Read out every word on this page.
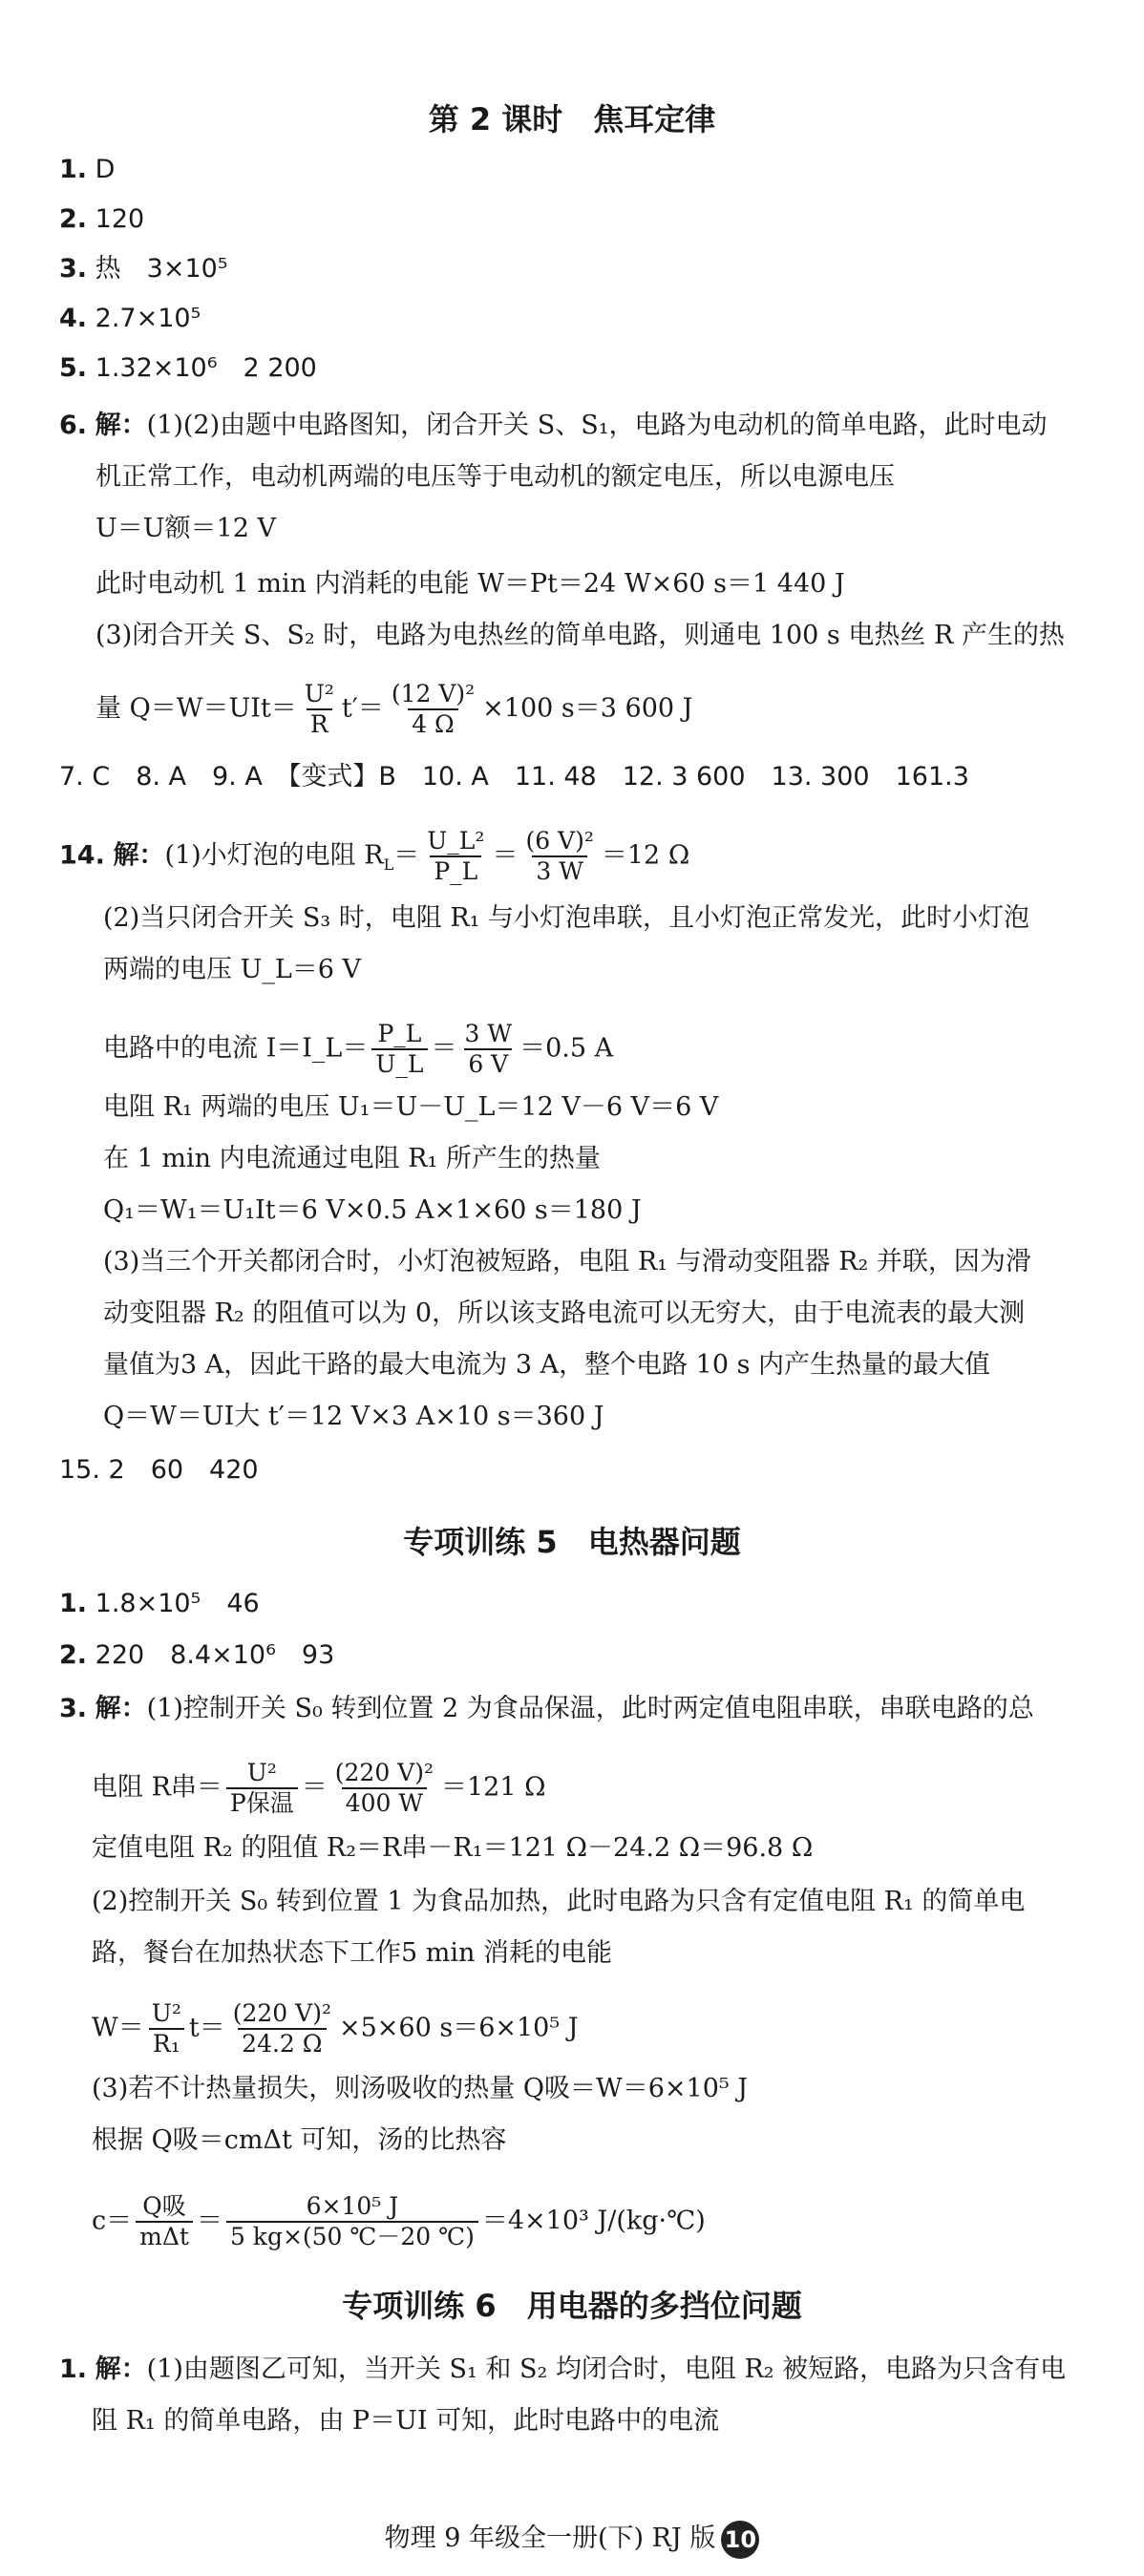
第 2 课时　焦耳定律
1. D
2. 120
3. 热　3×10⁵
4. 2.7×10⁵
5. 1.32×10⁶　2 200
6. 解：(1)(2)由题中电路图知，闭合开关 S、S₁，电路为电动机的简单电路，此时电动
机正常工作，电动机两端的电压等于电动机的额定电压，所以电源电压
U＝U额＝12 V
此时电动机 1 min 内消耗的电能 W＝Pt＝24 W×60 s＝1 440 J
(3)闭合开关 S、S₂ 时，电路为电热丝的简单电路，则通电 100 s 电热丝 R 产生的热
量 $Q=W=UIt= \frac{\text{U²}}{R} t'= \frac{\text{(12 V)²}}{4 \Omega} \times 100$ s＝3 600 J
7. C　8. A　9. A　【变式】B　10. A　11. 48　12. 3 600　13. 300　161.3
14. 解：(1)小灯泡的电阻 $R_L= \frac{\text{U\_L²}}{P\_L} = \frac{\text{(6 V)²}}{3 W} =12$ Ω
(2)当只闭合开关 S₃ 时，电阻 R₁ 与小灯泡串联，且小灯泡正常发光，此时小灯泡
两端的电压 U_L＝6 V
电路中的电流 I＝I_L＝ $\frac{P\_L}{U\_L} = \frac{3 W}{6 V} =0.5$ A
电阻 R₁ 两端的电压 U₁＝U－U_L＝12 V－6 V＝6 V
在 1 min 内电流通过电阻 R₁ 所产生的热量
Q₁＝W₁＝U₁It＝6 V×0.5 A×1×60 s＝180 J
(3)当三个开关都闭合时，小灯泡被短路，电阻 R₁ 与滑动变阻器 R₂ 并联，因为滑
动变阻器 R₂ 的阻值可以为 0，所以该支路电流可以无穷大，由于电流表的最大测
量值为3 A，因此干路的最大电流为 3 A，整个电路 10 s 内产生热量的最大值
Q＝W＝UI大 t′＝12 V×3 A×10 s＝360 J
15. 2　60　420
专项训练 5　电热器问题
1. 1.8×10⁵　46
2. 220　8.4×10⁶　93
3. 解：(1)控制开关 S₀ 转到位置 2 为食品保温，此时两定值电阻串联，串联电路的总
电阻 R串＝ $\frac{\text{U²}}{\text{P保温}} = \frac{\text{(220 V)²}}{400 W} =121$ Ω
定值电阻 R₂ 的阻值 R₂＝R串－R₁＝121 Ω－24.2 Ω＝96.8 Ω
(2)控制开关 S₀ 转到位置 1 为食品加热，此时电路为只含有定值电阻 R₁ 的简单电
路，餐台在加热状态下工作5 min 消耗的电能
$W= \frac{\text{U²}}{\text{R₁}} t= \frac{\text{(220 V)²}}{24.2 \Omega} \times 5\times 60$ s＝6×10⁵ J
(3)若不计热量损失，则汤吸收的热量 Q吸＝W＝6×10⁵ J
根据 Q吸＝cmΔt 可知，汤的比热容
$c= \frac{\text{Q吸}}{\text{mΔt}} = \frac{\text{6×10⁵ J}}{5 kg\times(50 ℃-20 ℃)} =4\times 10^3$ J/(kg·℃)
专项训练 6　用电器的多挡位问题
1. 解：(1)由题图乙可知，当开关 S₁ 和 S₂ 均闭合时，电阻 R₂ 被短路，电路为只含有电
阻 R₁ 的简单电路，由 P＝UI 可知，此时电路中的电流
物理 9 年级全一册(下) RJ 版 10
